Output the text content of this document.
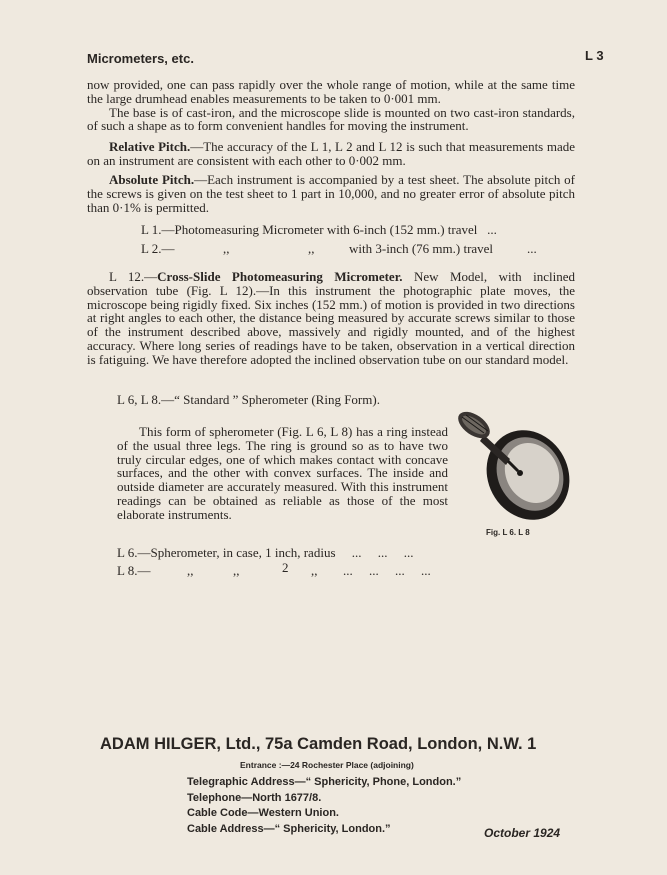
Micrometers, etc.	L 3

now provided, one can pass rapidly over the whole range of motion, while at the same time the large drumhead enables measurements to be taken to 0·001 mm.

The base is of cast-iron, and the microscope slide is mounted on two cast-iron standards, of such a shape as to form convenient handles for moving the instrument.

Relative Pitch.—The accuracy of the L 1, L 2 and L 12 is such that measurements made on an instrument are consistent with each other to 0·002 mm.

Absolute Pitch.—Each instrument is accompanied by a test sheet. The absolute pitch of the screws is given on the test sheet to 1 part in 10,000, and no greater error of absolute pitch than 0·1% is permitted.

L 1.—Photomeasuring Micrometer with 6-inch (152 mm.) travel ...
L 2.—	,,	,,	with 3-inch (76 mm.) travel	...

L 12.—Cross-Slide Photomeasuring Micrometer. New Model, with inclined observation tube (Fig. L 12).—In this instrument the photographic plate moves, the microscope being rigidly fixed. Six inches (152 mm.) of motion is provided in two directions at right angles to each other, the distance being measured by accurate screws similar to those of the instrument described above, massively and rigidly mounted, and of the highest accuracy. Where long series of readings have to be taken, observation in a vertical direction is fatiguing. We have therefore adopted the inclined observation tube on our standard model.

L 6, L 8.—“ Standard ” Spherometer (Ring Form).

This form of spherometer (Fig. L 6, L 8) has a ring instead of the usual three legs. The ring is ground so as to have two truly circular edges, one of which makes contact with concave surfaces, and the other with convex surfaces. The inside and outside diameter are accurately measured. With this instrument readings can be obtained as reliable as those of the most elaborate instruments.

Fig. L 6. L 8
L 6.—Spherometer, in case, 1 inch, radius ...     ...     ...
L 8.—	,,	,,	2 ,, ...     ...     ...     ...
ADAM HILGER, Ltd., 75a Camden Road, London, N.W. 1
Entrance :—24 Rochester Place (adjoining)
Telegraphic Address—“ Sphericity, Phone, London.”
Telephone—North 1677/8.
Cable Code—Western Union.
Cable Address—“ Sphericity, London.”	October 1924
